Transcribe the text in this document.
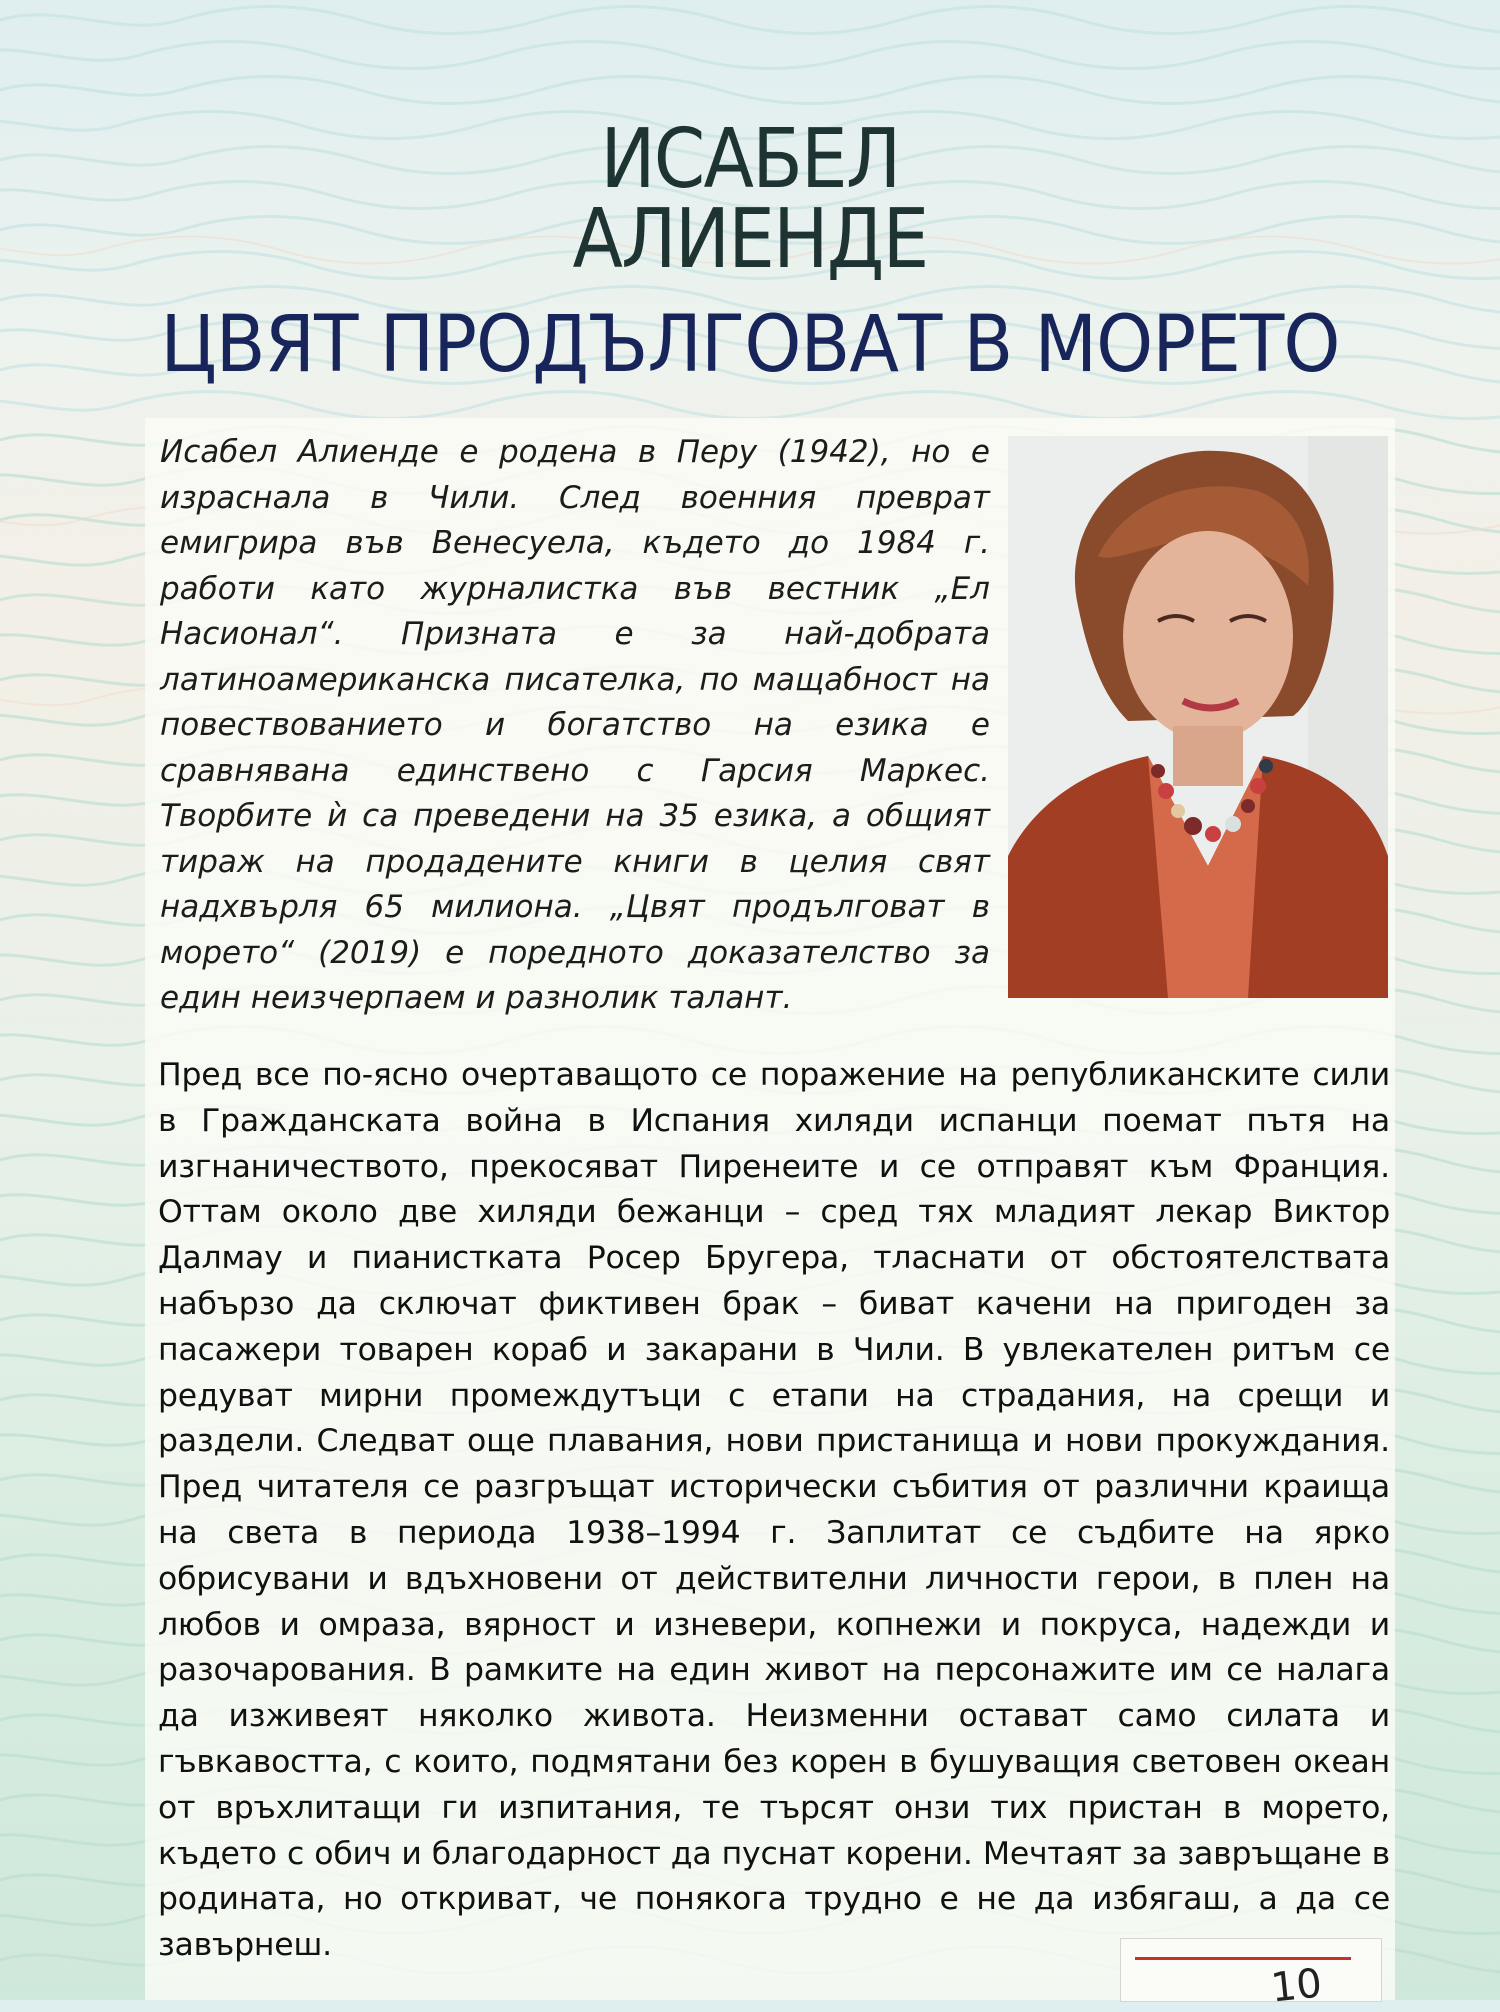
ИСАБЕЛ
АЛИЕНДЕ
ЦВЯТ ПРОДЪЛГОВАТ В МОРЕТО

Исабел Алиенде е родена в Перу (1942), но е израснала в Чили. След военния преврат емигрира във Венесуела, където до 1984 г. работи като журналистка във вестник „Ел Насионал“. Призната е за най-добрата латиноамериканска писателка, по мащабност на повествованието и богатство на езика е сравнявана единствено с Гарсия Маркес. Творбите ѝ са преведени на 35 езика, а общият тираж на продадените книги в целия свят надхвърля 65 милиона. „Цвят продълговат в морето“ (2019) е поредното доказателство за един неизчерпаем и разнолик талант.

Пред все по-ясно очертаващото се поражение на републиканските сили в Гражданската война в Испания хиляди испанци поемат пътя на изгнаничеството, прекосяват Пиренеите и се отправят към Франция. Оттам около две хиляди бежанци – сред тях младият лекар Виктор Далмау и пианистката Росер Бругера, тласнати от обстоятелствата набързо да сключат фиктивен брак – биват качени на пригоден за пасажери товарен кораб и закарани в Чили. В увлекателен ритъм се редуват мирни промеждутъци с етапи на страдания, на срещи и раздели. Следват още плавания, нови пристанища и нови прокуждания. Пред читателя се разгръщат исторически събития от различни краища на света в периода 1938–1994 г. Заплитат се съдбите на ярко обрисувани и вдъхновени от действителни личности герои, в плен на любов и омраза, вярност и изневери, копнежи и покруса, надежди и разочарования. В рамките на един живот на персонажите им се налага да изживеят няколко живота. Неизменни остават само силата и гъвкавостта, с които, подмятани без корен в бушуващия световен океан от връхлитащи ги изпитания, те търсят онзи тих пристан в морето, където с обич и благодарност да пуснат корени. Мечтаят за завръщане в родината, но откриват, че понякога трудно е не да избягаш, а да се завърнеш.

10
